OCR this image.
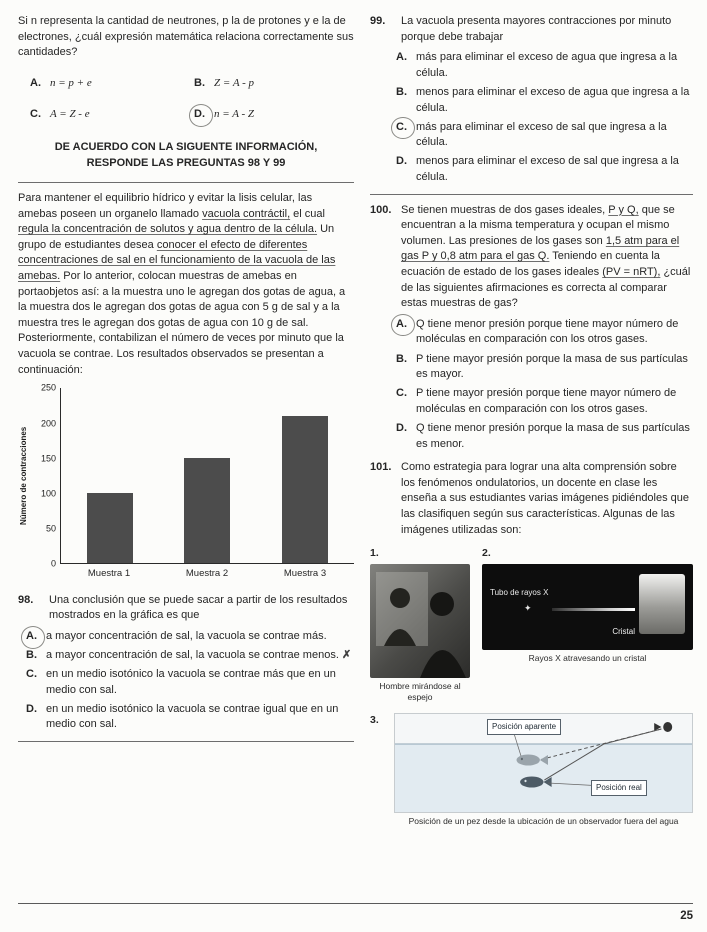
Si n representa la cantidad de neutrones, p la de protones y e la de electrones, ¿cuál expresión matemática relaciona correctamente sus cantidades?

A. n = p + e	B. Z = A - p
C. A = Z - e	D. n = A - Z
DE ACUERDO CON LA SIGUENTE INFORMACIÓN, RESPONDE LAS PREGUNTAS 98 Y 99

Para mantener el equilibrio hídrico y evitar la lisis celular, las amebas poseen un organelo llamado vacuola contráctil, el cual regula la concentración de solutos y agua dentro de la célula. Un grupo de estudiantes desea conocer el efecto de diferentes concentraciones de sal en el funcionamiento de la vacuola de las amebas. Por lo anterior, colocan muestras de amebas en portaobjetos así: a la muestra uno le agregan dos gotas de agua, a la muestra dos le agregan dos gotas de agua con 5 g de sal y a la muestra tres le agregan dos gotas de agua con 10 g de sal. Posteriormente, contabilizan el número de veces por minuto que la vacuola se contrae. Los resultados observados se presentan a continuación:

Número de contracciones
0
50
100
150
200
250
Muestra 1	Muestra 2	Muestra 3
98.	Una conclusión que se puede sacar a partir de los resultados mostrados en la gráfica es que
A. a mayor concentración de sal, la vacuola se contrae más.
B. a mayor concentración de sal, la vacuola se contrae menos. ✗
C. en un medio isotónico la vacuola se contrae más que en un medio con sal.
D. en un medio isotónico la vacuola se contrae igual que en un medio con sal.
99.	La vacuola presenta mayores contracciones por minuto porque debe trabajar
A. más para eliminar el exceso de agua que ingresa a la célula.
B. menos para eliminar el exceso de agua que ingresa a la célula.
C. más para eliminar el exceso de sal que ingresa a la célula.
D. menos para eliminar el exceso de sal que ingresa a la célula.
100. Se tienen muestras de dos gases ideales, P y Q, que se encuentran a la misma temperatura y ocupan el mismo volumen. Las presiones de los gases son 1,5 atm para el gas P y 0,8 atm para el gas Q. Teniendo en cuenta la ecuación de estado de los gases ideales (PV = nRT), ¿cuál de las siguientes afirmaciones es correcta al comparar estas muestras de gas?
A. Q tiene menor presión porque tiene mayor número de moléculas en comparación con los otros gases.
B. P tiene mayor presión porque la masa de sus partículas es mayor.
C. P tiene mayor presión porque tiene mayor número de moléculas en comparación con los otros gases.
D. Q tiene menor presión porque la masa de sus partículas es menor.
101. Como estrategia para lograr una alta comprensión sobre los fenómenos ondulatorios, un docente en clase les enseña a sus estudiantes varias imágenes pidiéndoles que las clasifiquen según sus características. Algunas de las imágenes utilizadas son:
1.
Hombre mirándose al espejo
2.
Tubo de rayos X
✦
Cristal
Rayos X atravesando un cristal
3.
Posición aparente
Posición real
Posición de un pez desde la ubicación de un observador fuera del agua
25
